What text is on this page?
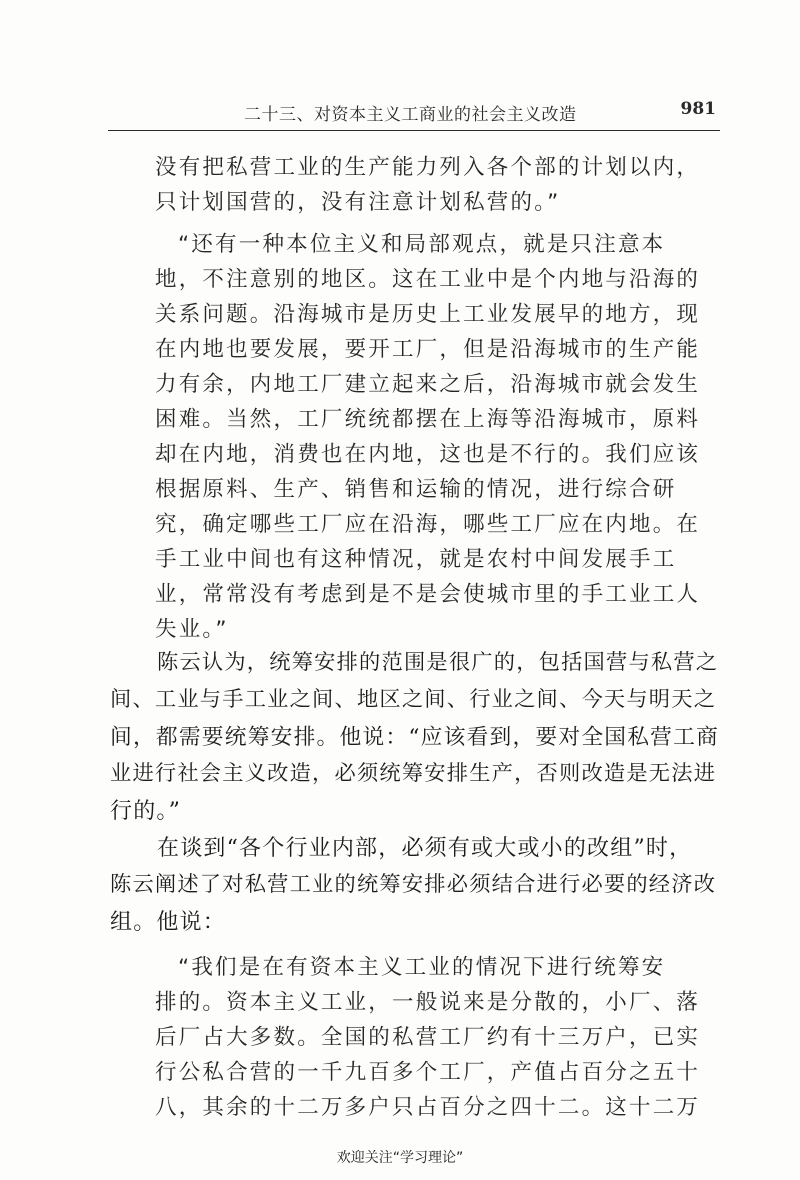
二十三、对资本主义工商业的社会主义改造	981

没有把私营工业的生产能力列入各个部的计划以内，

只计划国营的，没有注意计划私营的。”

“还有一种本位主义和局部观点，就是只注意本

地，不注意别的地区。这在工业中是个内地与沿海的

关系问题。沿海城市是历史上工业发展早的地方，现

在内地也要发展，要开工厂，但是沿海城市的生产能

力有余，内地工厂建立起来之后，沿海城市就会发生

困难。当然，工厂统统都摆在上海等沿海城市，原料

却在内地，消费也在内地，这也是不行的。我们应该

根据原料、生产、销售和运输的情况，进行综合研

究，确定哪些工厂应在沿海，哪些工厂应在内地。在

手工业中间也有这种情况，就是农村中间发展手工

业，常常没有考虑到是不是会使城市里的手工业工人

失业。”

陈云认为，统筹安排的范围是很广的，包括国营与私营之

间、工业与手工业之间、地区之间、行业之间、今天与明天之

间，都需要统筹安排。他说：“应该看到，要对全国私营工商

业进行社会主义改造，必须统筹安排生产，否则改造是无法进

行的。”

在谈到“各个行业内部，必须有或大或小的改组”时，

陈云阐述了对私营工业的统筹安排必须结合进行必要的经济改

组。他说：

“我们是在有资本主义工业的情况下进行统筹安

排的。资本主义工业，一般说来是分散的，小厂、落

后厂占大多数。全国的私营工厂约有十三万户，已实

行公私合营的一千九百多个工厂，产值占百分之五十

八，其余的十二万多户只占百分之四十二。这十二万

欢迎关注“学习理论”
